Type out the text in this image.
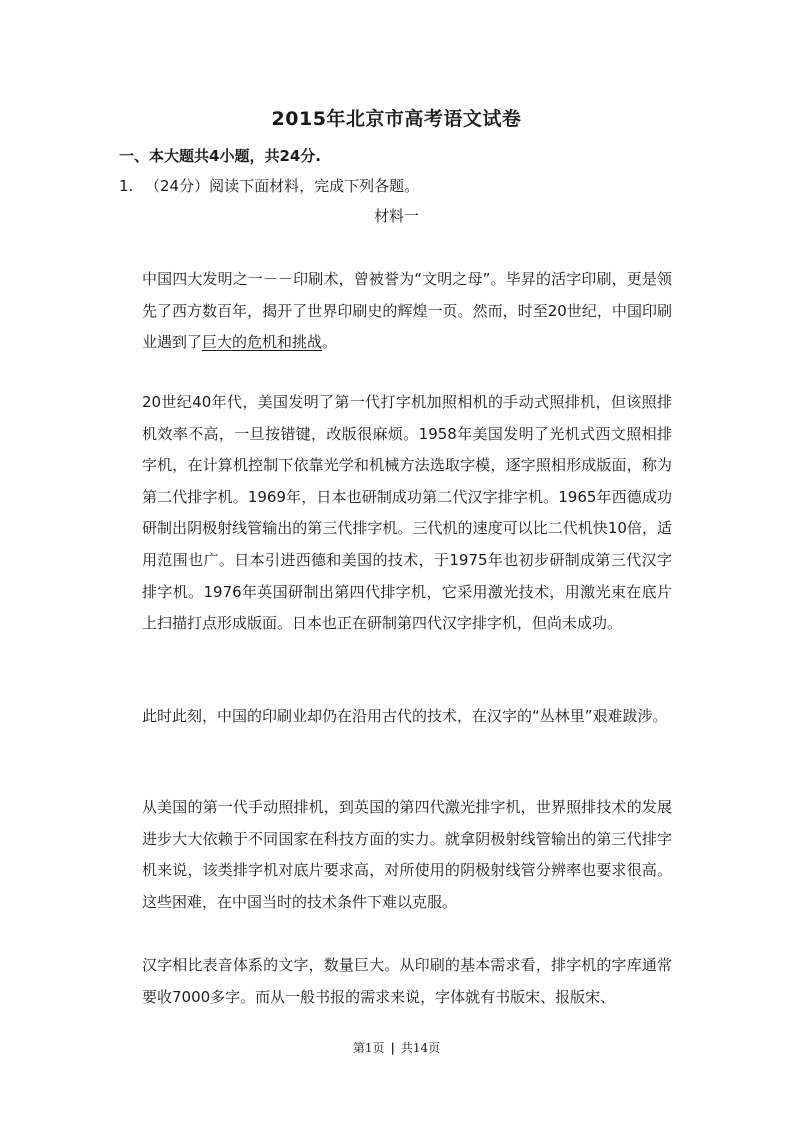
2015年北京市高考语文试卷
一、本大题共4小题，共24分.
1. （24分）阅读下面材料，完成下列各题。
材料一
中国四大发明之一－－印刷术，曾被誉为“文明之母”。毕昇的活字印刷，更是领先了西方数百年，揭开了世界印刷史的辉煌一页。然而，时至20世纪，中国印刷业遇到了巨大的危机和挑战。
20世纪40年代，美国发明了第一代打字机加照相机的手动式照排机，但该照排机效率不高，一旦按错键，改版很麻烦。1958年美国发明了光机式西文照相排字机，在计算机控制下依靠光学和机械方法选取字模，逐字照相形成版面，称为第二代排字机。1969年，日本也研制成功第二代汉字排字机。1965年西德成功研制出阴极射线管输出的第三代排字机。三代机的速度可以比二代机快10倍，适用范围也广。日本引进西德和美国的技术，于1975年也初步研制成第三代汉字排字机。1976年英国研制出第四代排字机，它采用激光技术，用激光束在底片上扫描打点形成版面。日本也正在研制第四代汉字排字机，但尚未成功。
此时此刻，中国的印刷业却仍在沿用古代的技术，在汉字的“丛林里”艰难跋涉。
从美国的第一代手动照排机，到英国的第四代激光排字机，世界照排技术的发展进步大大依赖于不同国家在科技方面的实力。就拿阴极射线管输出的第三代排字机来说，该类排字机对底片要求高，对所使用的阴极射线管分辨率也要求很高。这些困难，在中国当时的技术条件下难以克服。
汉字相比表音体系的文字，数量巨大。从印刷的基本需求看，排字机的字库通常要收7000多字。而从一般书报的需求来说，字体就有书版宋、报版宋、
第1页 | 共14页
